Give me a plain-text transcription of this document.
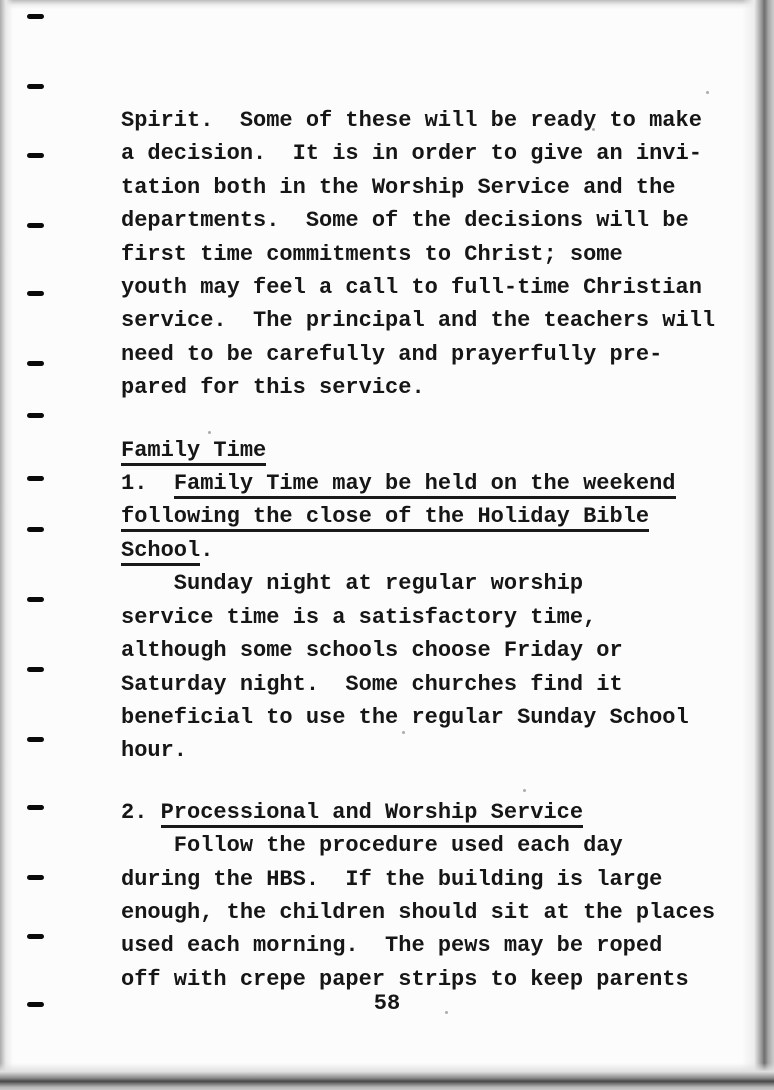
Spirit.  Some of these will be ready to make
a decision.  It is in order to give an invi-
tation both in the Worship Service and the
departments.  Some of the decisions will be
first time commitments to Christ; some
youth may feel a call to full-time Christian
service.  The principal and the teachers will
need to be carefully and prayerfully pre-
pared for this service.
Family Time
1.  Family Time may be held on the weekend
following the close of the Holiday Bible
School.
Sunday night at regular worship
service time is a satisfactory time,
although some schools choose Friday or
Saturday night.  Some churches find it
beneficial to use the regular Sunday School
hour.
2. Processional and Worship Service
Follow the procedure used each day
during the HBS.  If the building is large
enough, the children should sit at the places
used each morning.  The pews may be roped
off with crepe paper strips to keep parents
58
